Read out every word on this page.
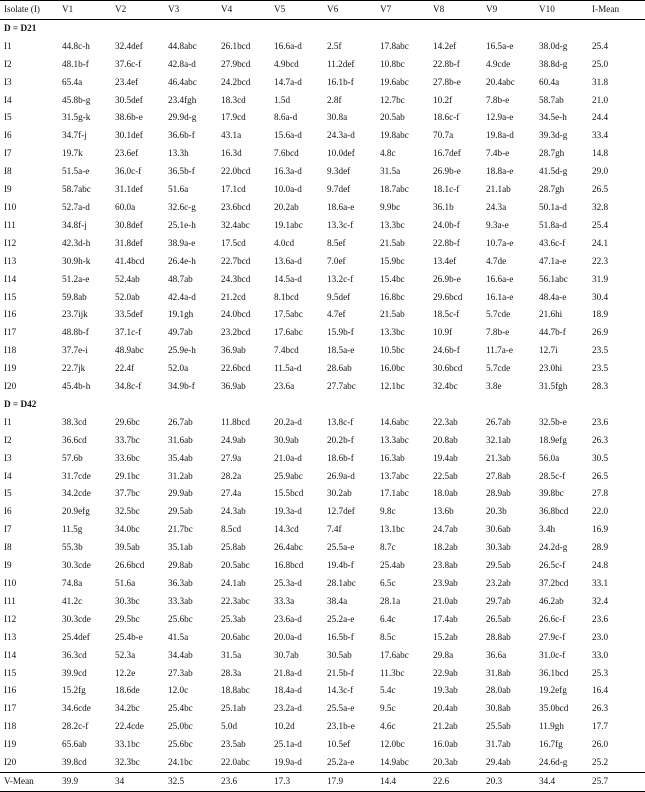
Isolate (I)	V1	V2	V3	V4	V5	V6	V7	V8	V9	V10	I-Mean
D = D21											
I1	44.8c-h	32.4def	44.8abc	26.1bcd	16.6a-d	2.5f	17.8abc	14.2ef	16.5a-e	38.0d-g	25.4
I2	48.1b-f	37.6c-f	42.8a-d	27.9bcd	4.9bcd	11.2def	10.8bc	22.8b-f	4.9cde	38.8d-g	25.0
I3	65.4a	23.4ef	46.4abc	24.2bcd	14.7a-d	16.1b-f	19.6abc	27.8b-e	20.4abc	60.4a	31.8
I4	45.8b-g	30.5def	23.4fgh	18.3cd	1.5d	2.8f	12.7bc	10.2f	7.8b-e	58.7ab	21.0
I5	31.5g-k	38.6b-e	29.9d-g	17.9cd	8.6a-d	30.8a	20.5ab	18.6c-f	12.9a-e	34.5e-h	24.4
I6	34.7f-j	30.1def	36.6b-f	43.1a	15.6a-d	24.3a-d	19.8abc	70.7a	19.8a-d	39.3d-g	33.4
I7	19.7k	23.6ef	13.3h	16.3d	7.6bcd	10.0def	4.8c	16.7def	7.4b-e	28.7gh	14.8
I8	51.5a-e	36.0c-f	36.5b-f	22.0bcd	16.3a-d	9.3def	31.5a	26.9b-e	18.8a-e	41.5d-g	29.0
I9	58.7abc	31.1def	51.6a	17.1cd	10.0a-d	9.7def	18.7abc	18.1c-f	21.1ab	28.7gh	26.5
I10	52.7a-d	60.0a	32.6c-g	23.6bcd	20.2ab	18.6a-e	9.9bc	36.1b	24.3a	50.1a-d	32.8
I11	34.8f-j	30.8def	25.1e-h	32.4abc	19.1abc	13.3c-f	13.3bc	24.0b-f	9.3a-e	51.8a-d	25.4
I12	42.3d-h	31.8def	38.9a-e	17.5cd	4.0cd	8.5ef	21.5ab	22.8b-f	10.7a-e	43.6c-f	24.1
I13	30.9h-k	41.4bcd	26.4e-h	22.7bcd	13.6a-d	7.0ef	15.9bc	13.4ef	4.7de	47.1a-e	22.3
I14	51.2a-e	52.4ab	48.7ab	24.3bcd	14.5a-d	13.2c-f	15.4bc	26.9b-e	16.6a-e	56.1abc	31.9
I15	59.8ab	52.0ab	42.4a-d	21.2cd	8.1bcd	9.5def	16.8bc	29.6bcd	16.1a-e	48.4a-e	30.4
I16	23.7ijk	33.5def	19.1gh	24.0bcd	17.5abc	4.7ef	21.5ab	18.5c-f	5.7cde	21.6hi	18.9
I17	48.8b-f	37.1c-f	49.7ab	23.2bcd	17.6abc	15.9b-f	13.3bc	10.9f	7.8b-e	44.7b-f	26.9
I18	37.7e-i	48.9abc	25.9e-h	36.9ab	7.4bcd	18.5a-e	10.5bc	24.6b-f	11.7a-e	12.7i	23.5
I19	22.7jk	22.4f	52.0a	22.6bcd	11.5a-d	28.6ab	16.0bc	30.6bcd	5.7cde	23.0hi	23.5
I20	45.4b-h	34.8c-f	34.9b-f	36.9ab	23.6a	27.7abc	12.1bc	32.4bc	3.8e	31.5fgh	28.3
D = D42											
I1	38.3cd	29.6bc	26.7ab	11.8bcd	20.2a-d	13.8c-f	14.6abc	22.3ab	26.7ab	32.5b-e	23.6
I2	36.6cd	33.7bc	31.6ab	24.9ab	30.9ab	20.2b-f	13.3abc	20.8ab	32.1ab	18.9efg	26.3
I3	57.6b	33.6bc	35.4ab	27.9a	21.0a-d	18.6b-f	16.3ab	19.4ab	21.3ab	56.0a	30.5
I4	31.7cde	29.1bc	31.2ab	28.2a	25.9abc	26.9a-d	13.7abc	22.5ab	27.8ab	28.5c-f	26.5
I5	34.2cde	37.7bc	29.9ab	27.4a	15.5bcd	30.2ab	17.1abc	18.0ab	28.9ab	39.8bc	27.8
I6	20.9efg	32.5bc	29.5ab	24.3ab	19.3a-d	12.7def	9.8c	13.6b	20.3b	36.8bcd	22.0
I7	11.5g	34.0bc	21.7bc	8.5cd	14.3cd	7.4f	13.1bc	24.7ab	30.6ab	3.4h	16.9
I8	55.3b	39.5ab	35.1ab	25.8ab	26.4abc	25.5a-e	8.7c	18.2ab	30.3ab	24.2d-g	28.9
I9	30.3cde	26.6bcd	29.8ab	20.5abc	16.8bcd	19.4b-f	25.4ab	23.8ab	29.5ab	26.5c-f	24.8
I10	74.8a	51.6a	36.3ab	24.1ab	25.3a-d	28.1abc	6.5c	23.9ab	23.2ab	37.2bcd	33.1
I11	41.2c	30.3bc	33.3ab	22.3abc	33.3a	38.4a	28.1a	21.0ab	29.7ab	46.2ab	32.4
I12	30.3cde	29.5bc	25.6bc	25.3ab	23.6a-d	25.2a-e	6.4c	17.4ab	26.5ab	26.6c-f	23.6
I13	25.4def	25.4b-e	41.5a	20.6abc	20.0a-d	16.5b-f	8.5c	15.2ab	28.8ab	27.9c-f	23.0
I14	36.3cd	52.3a	34.4ab	31.5a	30.7ab	30.5ab	17.6abc	29.8a	36.6a	31.0c-f	33.0
I15	39.9cd	12.2e	27.3ab	28.3a	21.8a-d	21.5b-f	11.3bc	22.9ab	31.8ab	36.1bcd	25.3
I16	15.2fg	18.6de	12.0c	18.8abc	18.4a-d	14.3c-f	5.4c	19.3ab	28.0ab	19.2efg	16.4
I17	34.6cde	34.2bc	25.4bc	25.1ab	23.2a-d	25.5a-e	9.5c	20.4ab	30.8ab	35.0bcd	26.3
I18	28.2c-f	22.4cde	25.0bc	5.0d	10.2d	23.1b-e	4.6c	21.2ab	25.5ab	11.9gh	17.7
I19	65.6ab	33.1bc	25.6bc	23.5ab	25.1a-d	10.5ef	12.0bc	16.0ab	31.7ab	16.7fg	26.0
I20	39.8cd	32.3bc	24.1bc	22.0abc	19.9a-d	25.2a-e	14.9abc	20.3ab	29.4ab	24.6d-g	25.2
V-Mean	39.9	34	32.5	23.6	17.3	17.9	14.4	22.6	20.3	34.4	25.7
